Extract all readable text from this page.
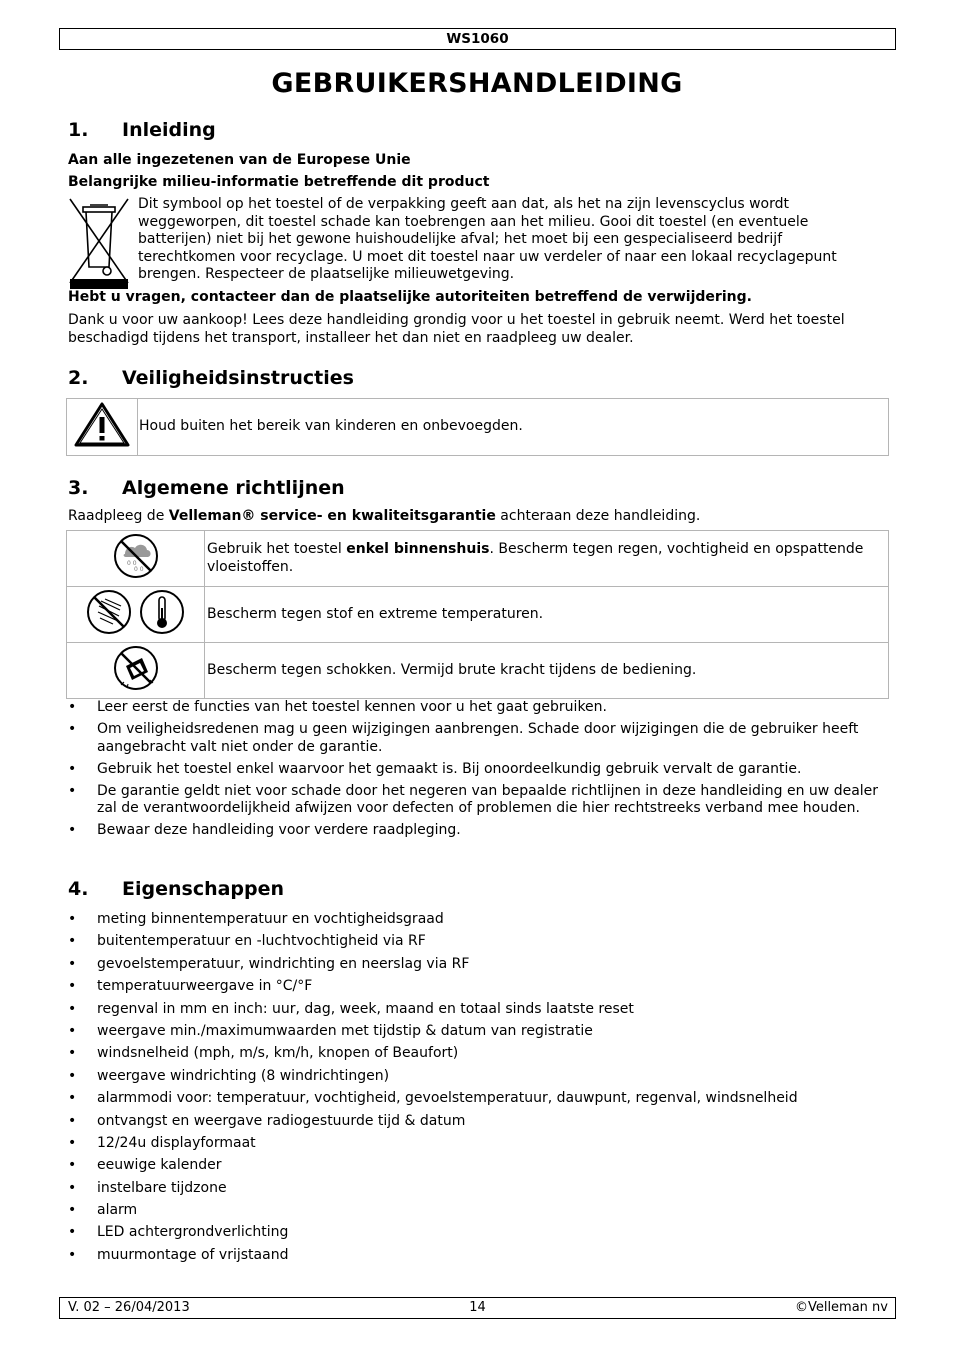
WS1060
GEBRUIKERSHANDLEIDING
1. Inleiding
Aan alle ingezetenen van de Europese Unie
Belangrijke milieu-informatie betreffende dit product
Dit symbool op het toestel of de verpakking geeft aan dat, als het na zijn levenscyclus wordt weggeworpen, dit toestel schade kan toebrengen aan het milieu. Gooi dit toestel (en eventuele batterijen) niet bij het gewone huishoudelijke afval; het moet bij een gespecialiseerd bedrijf terechtkomen voor recyclage. U moet dit toestel naar uw verdeler of naar een lokaal recyclagepunt brengen. Respecteer de plaatselijke milieuwetgeving.
Hebt u vragen, contacteer dan de plaatselijke autoriteiten betreffend de verwijdering.
Dank u voor uw aankoop! Lees deze handleiding grondig voor u het toestel in gebruik neemt. Werd het toestel beschadigd tijdens het transport, installeer het dan niet en raadpleeg uw dealer.
2. Veiligheidsinstructies
	Houd buiten het bereik van kinderen en onbevoegden.
3. Algemene richtlijnen
Raadpleeg de Velleman® service- en kwaliteitsgarantie achteraan deze handleiding.
0 0
0 0	Gebruik het toestel enkel binnenshuis. Bescherm tegen regen, vochtigheid en opspattende vloeistoffen.
	Bescherm tegen stof en extreme temperaturen.
	Bescherm tegen schokken. Vermijd brute kracht tijdens de bediening.
• Leer eerst de functies van het toestel kennen voor u het gaat gebruiken.
• Om veiligheidsredenen mag u geen wijzigingen aanbrengen. Schade door wijzigingen die de gebruiker heeft aangebracht valt niet onder de garantie.
• Gebruik het toestel enkel waarvoor het gemaakt is. Bij onoordeelkundig gebruik vervalt de garantie.
• De garantie geldt niet voor schade door het negeren van bepaalde richtlijnen in deze handleiding en uw dealer zal de verantwoordelijkheid afwijzen voor defecten of problemen die hier rechtstreeks verband mee houden.
• Bewaar deze handleiding voor verdere raadpleging.
4. Eigenschappen
• meting binnentemperatuur en vochtigheidsgraad
• buitentemperatuur en -luchtvochtigheid via RF
• gevoelstemperatuur, windrichting en neerslag via RF
• temperatuurweergave in °C/°F
• regenval in mm en inch: uur, dag, week, maand en totaal sinds laatste reset
• weergave min./maximumwaarden met tijdstip & datum van registratie
• windsnelheid (mph, m/s, km/h, knopen of Beaufort)
• weergave windrichting (8 windrichtingen)
• alarmmodi voor: temperatuur, vochtigheid, gevoelstemperatuur, dauwpunt, regenval, windsnelheid
• ontvangst en weergave radiogestuurde tijd & datum
• 12/24u displayformaat
• eeuwige kalender
• instelbare tijdzone
• alarm
• LED achtergrondverlichting
• muurmontage of vrijstaand
V. 02 – 26/04/2013	14	©Velleman nv
